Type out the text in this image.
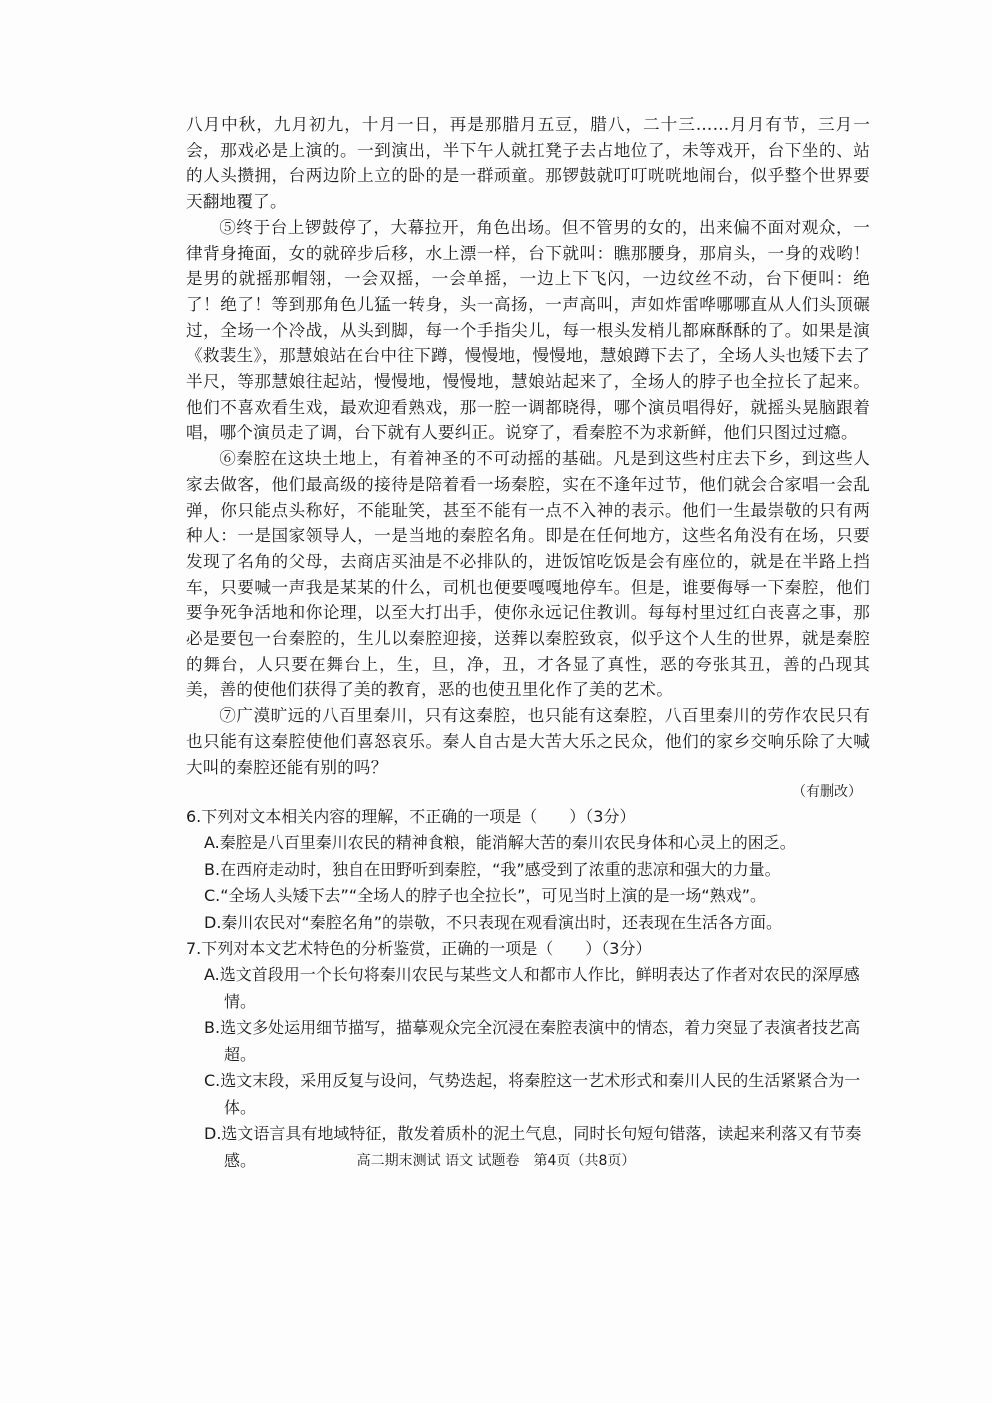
八月中秋，九月初九，十月一日，再是那腊月五豆，腊八，二十三……月月有节，三月一会，那戏必是上演的。一到演出，半下午人就扛凳子去占地位了，未等戏开，台下坐的、站的人头攒拥，台两边阶上立的卧的是一群顽童。那锣鼓就叮叮咣咣地闹台，似乎整个世界要天翻地覆了。

⑤终于台上锣鼓停了，大幕拉开，角色出场。但不管男的女的，出来偏不面对观众，一律背身掩面，女的就碎步后移，水上漂一样，台下就叫：瞧那腰身，那肩头，一身的戏哟！是男的就摇那帽翎，一会双摇，一会单摇，一边上下飞闪，一边纹丝不动，台下便叫：绝了！绝了！等到那角色儿猛一转身，头一高扬，一声高叫，声如炸雷哗哪哪直从人们头顶碾过，全场一个冷战，从头到脚，每一个手指尖儿，每一根头发梢儿都麻酥酥的了。如果是演《救裴生》，那慧娘站在台中往下蹲，慢慢地，慢慢地，慧娘蹲下去了，全场人头也矮下去了半尺，等那慧娘往起站，慢慢地，慢慢地，慧娘站起来了，全场人的脖子也全拉长了起来。他们不喜欢看生戏，最欢迎看熟戏，那一腔一调都晓得，哪个演员唱得好，就摇头晃脑跟着唱，哪个演员走了调，台下就有人要纠正。说穿了，看秦腔不为求新鲜，他们只图过过瘾。

⑥秦腔在这块土地上，有着神圣的不可动摇的基础。凡是到这些村庄去下乡，到这些人家去做客，他们最高级的接待是陪着看一场秦腔，实在不逢年过节，他们就会合家唱一会乱弹，你只能点头称好，不能耻笑，甚至不能有一点不入神的表示。他们一生最崇敬的只有两种人：一是国家领导人，一是当地的秦腔名角。即是在任何地方，这些名角没有在场，只要发现了名角的父母，去商店买油是不必排队的，进饭馆吃饭是会有座位的，就是在半路上挡车，只要喊一声我是某某的什么，司机也便要嘎嘎地停车。但是，谁要侮辱一下秦腔，他们要争死争活地和你论理，以至大打出手，使你永远记住教训。每每村里过红白丧喜之事，那必是要包一台秦腔的，生儿以秦腔迎接，送葬以秦腔致哀，似乎这个人生的世界，就是秦腔的舞台，人只要在舞台上，生，旦，净，丑，才各显了真性，恶的夸张其丑，善的凸现其美，善的使他们获得了美的教育，恶的也使丑里化作了美的艺术。

⑦广漠旷远的八百里秦川，只有这秦腔，也只能有这秦腔，八百里秦川的劳作农民只有也只能有这秦腔使他们喜怒哀乐。秦人自古是大苦大乐之民众，他们的家乡交响乐除了大喊大叫的秦腔还能有别的吗？

（有删改）

6.下列对文本相关内容的理解，不正确的一项是（　　）（3分）

A.秦腔是八百里秦川农民的精神食粮，能消解大苦的秦川农民身体和心灵上的困乏。
B.在西府走动时，独自在田野听到秦腔，“我”感受到了浓重的悲凉和强大的力量。
C.“全场人头矮下去”“全场人的脖子也全拉长”，可见当时上演的是一场“熟戏”。
D.秦川农民对“秦腔名角”的崇敬，不只表现在观看演出时，还表现在生活各方面。

7.下列对本文艺术特色的分析鉴赏，正确的一项是（　　）（3分）

A.选文首段用一个长句将秦川农民与某些文人和都市人作比，鲜明表达了作者对农民的深厚感情。
B.选文多处运用细节描写，描摹观众完全沉浸在秦腔表演中的情态，着力突显了表演者技艺高超。
C.选文末段，采用反复与设问，气势迭起，将秦腔这一艺术形式和秦川人民的生活紧紧合为一体。
D.选文语言具有地域特征，散发着质朴的泥土气息，同时长句短句错落，读起来利落又有节奏感。	高二期末测试 语文 试题卷　第4页（共8页）
